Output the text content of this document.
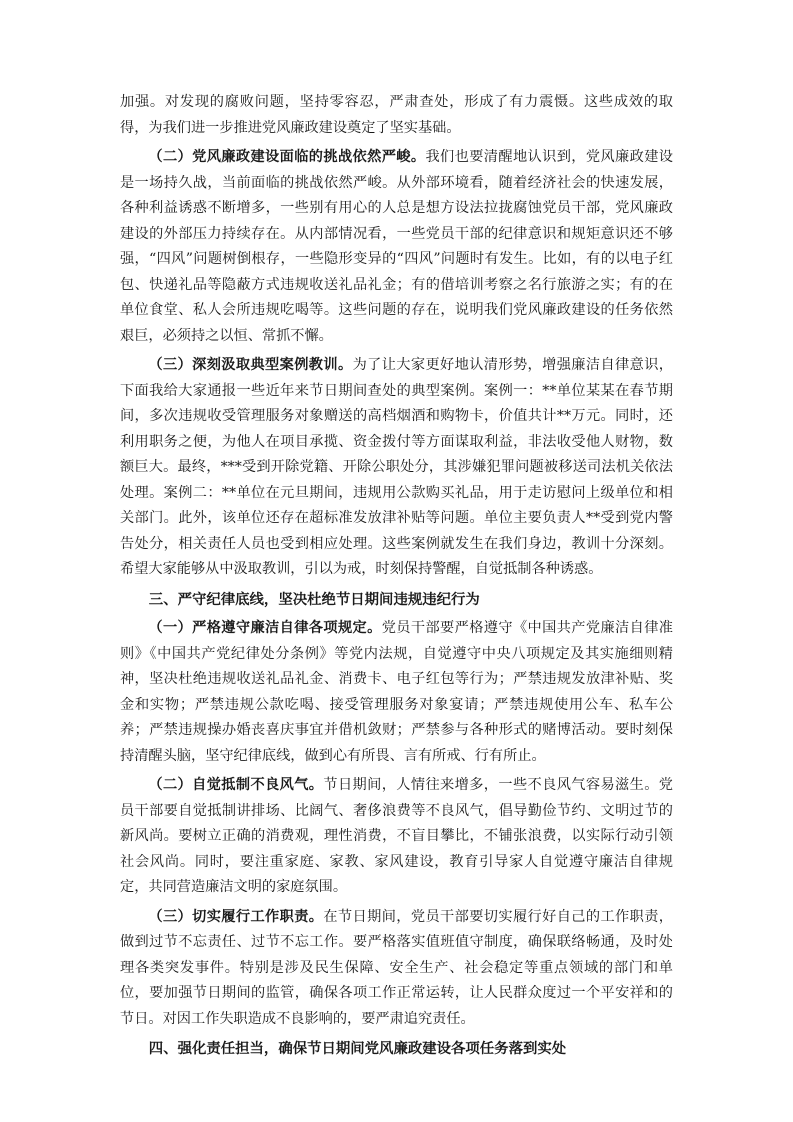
加强。对发现的腐败问题，坚持零容忍，严肃查处，形成了有力震慑。这些成效的取得，为我们进一步推进党风廉政建设奠定了坚实基础。

（二）党风廉政建设面临的挑战依然严峻。我们也要清醒地认识到，党风廉政建设是一场持久战，当前面临的挑战依然严峻。从外部环境看，随着经济社会的快速发展，各种利益诱惑不断增多，一些别有用心的人总是想方设法拉拢腐蚀党员干部，党风廉政建设的外部压力持续存在。从内部情况看，一些党员干部的纪律意识和规矩意识还不够强，“四风”问题树倒根存，一些隐形变异的“四风”问题时有发生。比如，有的以电子红包、快递礼品等隐蔽方式违规收送礼品礼金；有的借培训考察之名行旅游之实；有的在单位食堂、私人会所违规吃喝等。这些问题的存在，说明我们党风廉政建设的任务依然艰巨，必须持之以恒、常抓不懈。

（三）深刻汲取典型案例教训。为了让大家更好地认清形势，增强廉洁自律意识，下面我给大家通报一些近年来节日期间查处的典型案例。案例一：**单位某某在春节期间，多次违规收受管理服务对象赠送的高档烟酒和购物卡，价值共计**万元。同时，还利用职务之便，为他人在项目承揽、资金拨付等方面谋取利益，非法收受他人财物，数额巨大。最终，***受到开除党籍、开除公职处分，其涉嫌犯罪问题被移送司法机关依法处理。案例二：**单位在元旦期间，违规用公款购买礼品，用于走访慰问上级单位和相关部门。此外，该单位还存在超标准发放津补贴等问题。单位主要负责人**受到党内警告处分，相关责任人员也受到相应处理。这些案例就发生在我们身边，教训十分深刻。希望大家能够从中汲取教训，引以为戒，时刻保持警醒，自觉抵制各种诱惑。

三、严守纪律底线，坚决杜绝节日期间违规违纪行为

（一）严格遵守廉洁自律各项规定。党员干部要严格遵守《中国共产党廉洁自律准则》《中国共产党纪律处分条例》等党内法规，自觉遵守中央八项规定及其实施细则精神，坚决杜绝违规收送礼品礼金、消费卡、电子红包等行为；严禁违规发放津补贴、奖金和实物；严禁违规公款吃喝、接受管理服务对象宴请；严禁违规使用公车、私车公养；严禁违规操办婚丧喜庆事宜并借机敛财；严禁参与各种形式的赌博活动。要时刻保持清醒头脑，坚守纪律底线，做到心有所畏、言有所戒、行有所止。

（二）自觉抵制不良风气。节日期间，人情往来增多，一些不良风气容易滋生。党员干部要自觉抵制讲排场、比阔气、奢侈浪费等不良风气，倡导勤俭节约、文明过节的新风尚。要树立正确的消费观，理性消费，不盲目攀比，不铺张浪费，以实际行动引领社会风尚。同时，要注重家庭、家教、家风建设，教育引导家人自觉遵守廉洁自律规定，共同营造廉洁文明的家庭氛围。

（三）切实履行工作职责。在节日期间，党员干部要切实履行好自己的工作职责，做到过节不忘责任、过节不忘工作。要严格落实值班值守制度，确保联络畅通，及时处理各类突发事件。特别是涉及民生保障、安全生产、社会稳定等重点领域的部门和单位，要加强节日期间的监管，确保各项工作正常运转，让人民群众度过一个平安祥和的节日。对因工作失职造成不良影响的，要严肃追究责任。

四、强化责任担当，确保节日期间党风廉政建设各项任务落到实处
